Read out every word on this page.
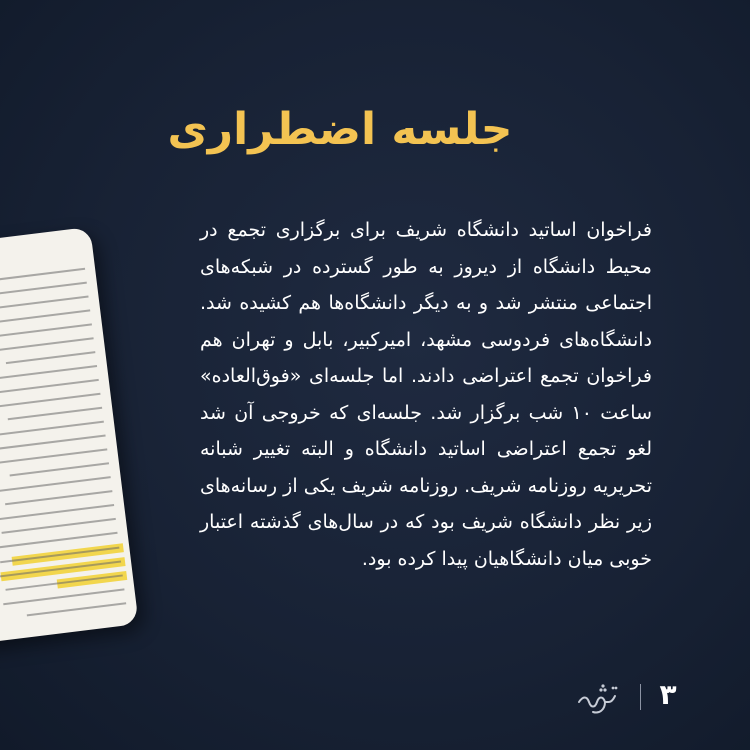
جلسه اضطراری

فراخوان اساتید دانشگاه شریف برای برگزاری تجمع در محیط دانشگاه از دیروز به طور گسترده در شبکه‌های اجتماعی منتشر شد و به دیگر دانشگاه‌ها هم کشیده شد. دانشگاه‌های فردوسی مشهد، امیرکبیر، بابل و تهران هم فراخوان تجمع اعتراضی دادند. اما جلسه‌ای «فوق‌العاده» ساعت ۱۰ شب برگزار شد. جلسه‌ای که خروجی آن شد لغو تجمع اعتراضی اساتید دانشگاه و البته تغییر شبانه تحریریه روزنامه شریف. روزنامه شریف یکی از رسانه‌های زیر نظر دانشگاه شریف بود که در سال‌های گذشته اعتبار خوبی میان دانشگاهیان پیدا کرده بود.

۳
